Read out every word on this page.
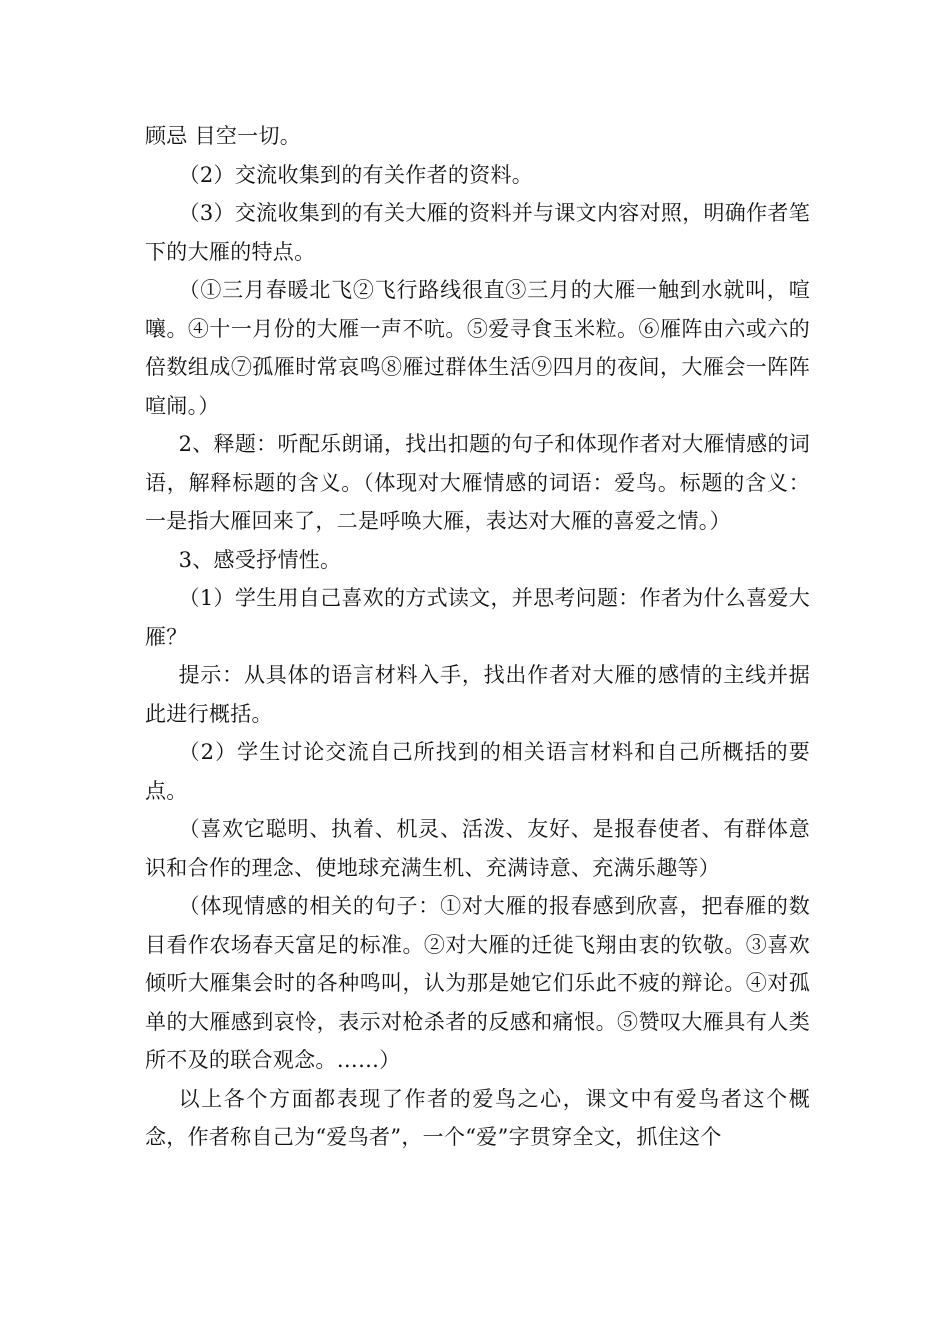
顾忌 目空一切。

（2）交流收集到的有关作者的资料。

（3）交流收集到的有关大雁的资料并与课文内容对照，明确作者笔下的大雁的特点。

（①三月春暖北飞②飞行路线很直③三月的大雁一触到水就叫，喧嚷。④十一月份的大雁一声不吭。⑤爱寻食玉米粒。⑥雁阵由六或六的倍数组成⑦孤雁时常哀鸣⑧雁过群体生活⑨四月的夜间，大雁会一阵阵喧闹。）

2、释题：听配乐朗诵，找出扣题的句子和体现作者对大雁情感的词语，解释标题的含义。（体现对大雁情感的词语：爱鸟。标题的含义：一是指大雁回来了，二是呼唤大雁，表达对大雁的喜爱之情。）

3、感受抒情性。

（1）学生用自己喜欢的方式读文，并思考问题：作者为什么喜爱大雁？

提示：从具体的语言材料入手，找出作者对大雁的感情的主线并据此进行概括。

（2）学生讨论交流自己所找到的相关语言材料和自己所概括的要点。

（喜欢它聪明、执着、机灵、活泼、友好、是报春使者、有群体意识和合作的理念、使地球充满生机、充满诗意、充满乐趣等）

（体现情感的相关的句子：①对大雁的报春感到欣喜，把春雁的数目看作农场春天富足的标准。②对大雁的迁徙飞翔由衷的钦敬。③喜欢倾听大雁集会时的各种鸣叫，认为那是她它们乐此不疲的辩论。④对孤单的大雁感到哀怜，表示对枪杀者的反感和痛恨。⑤赞叹大雁具有人类所不及的联合观念。……）

以上各个方面都表现了作者的爱鸟之心，课文中有爱鸟者这个概念，作者称自己为“爱鸟者”，一个“爱”字贯穿全文，抓住这个
